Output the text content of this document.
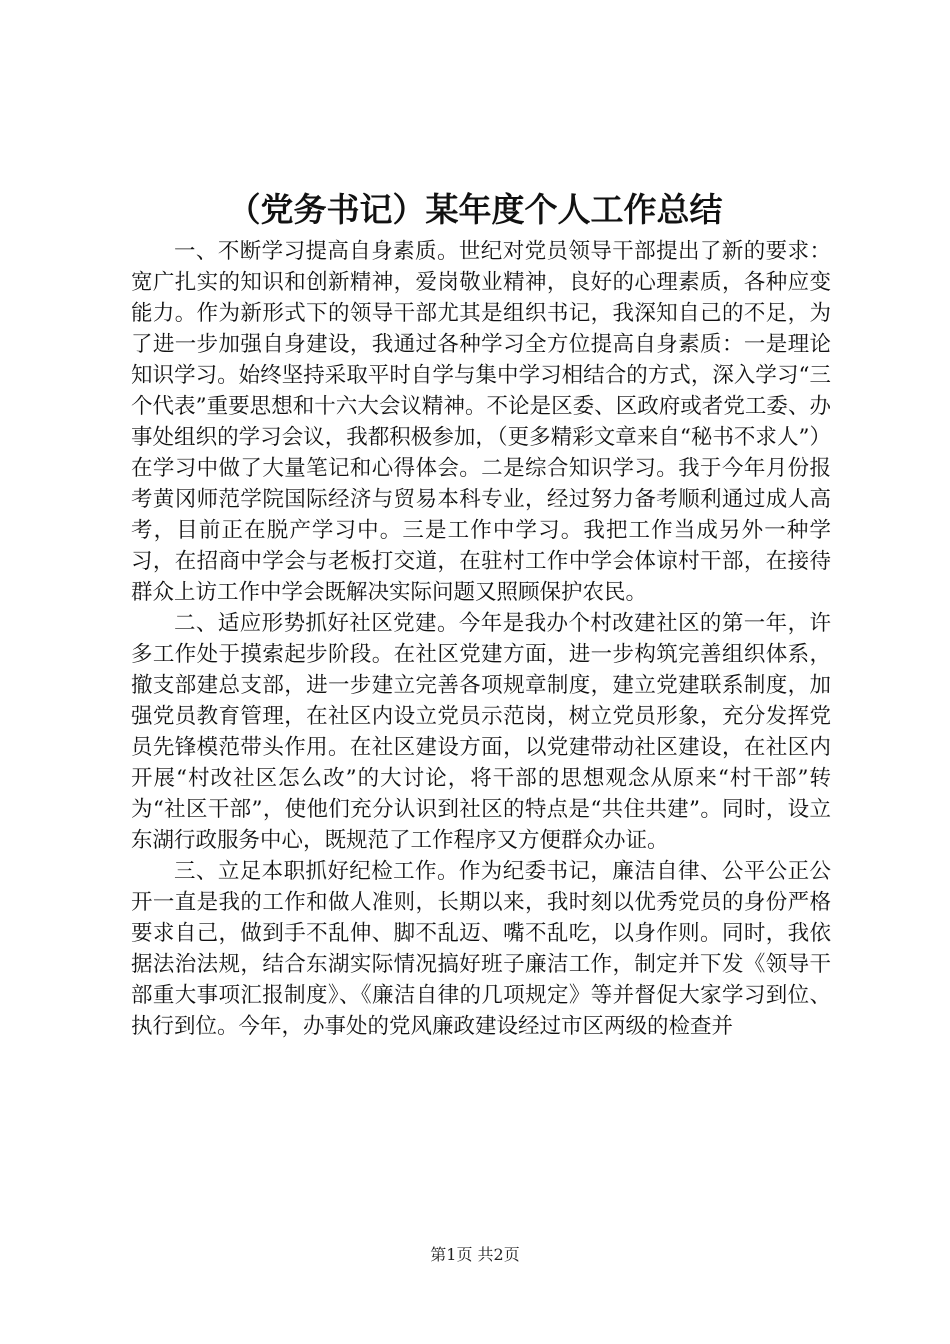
（党务书记）某年度个人工作总结

一、不断学习提高自身素质。世纪对党员领导干部提出了新的要求：宽广扎实的知识和创新精神，爱岗敬业精神，良好的心理素质，各种应变能力。作为新形式下的领导干部尤其是组织书记，我深知自己的不足，为了进一步加强自身建设，我通过各种学习全方位提高自身素质：一是理论知识学习。始终坚持采取平时自学与集中学习相结合的方式，深入学习“三个代表”重要思想和十六大会议精神。不论是区委、区政府或者党工委、办事处组织的学习会议，我都积极参加，（更多精彩文章来自“秘书不求人”）在学习中做了大量笔记和心得体会。二是综合知识学习。我于今年月份报考黄冈师范学院国际经济与贸易本科专业，经过努力备考顺利通过成人高考，目前正在脱产学习中。三是工作中学习。我把工作当成另外一种学习，在招商中学会与老板打交道，在驻村工作中学会体谅村干部，在接待群众上访工作中学会既解决实际问题又照顾保护农民。

二、适应形势抓好社区党建。今年是我办个村改建社区的第一年，许多工作处于摸索起步阶段。在社区党建方面，进一步构筑完善组织体系，撤支部建总支部，进一步建立完善各项规章制度，建立党建联系制度，加强党员教育管理，在社区内设立党员示范岗，树立党员形象，充分发挥党员先锋模范带头作用。在社区建设方面，以党建带动社区建设，在社区内开展“村改社区怎么改”的大讨论，将干部的思想观念从原来“村干部”转为“社区干部”，使他们充分认识到社区的特点是“共住共建”。同时，设立东湖行政服务中心，既规范了工作程序又方便群众办证。

三、立足本职抓好纪检工作。作为纪委书记，廉洁自律、公平公正公开一直是我的工作和做人准则，长期以来，我时刻以优秀党员的身份严格要求自己，做到手不乱伸、脚不乱迈、嘴不乱吃，以身作则。同时，我依据法治法规，结合东湖实际情况搞好班子廉洁工作，制定并下发《领导干部重大事项汇报制度》、《廉洁自律的几项规定》等并督促大家学习到位、执行到位。今年，办事处的党风廉政建设经过市区两级的检查并

第1页 共2页
